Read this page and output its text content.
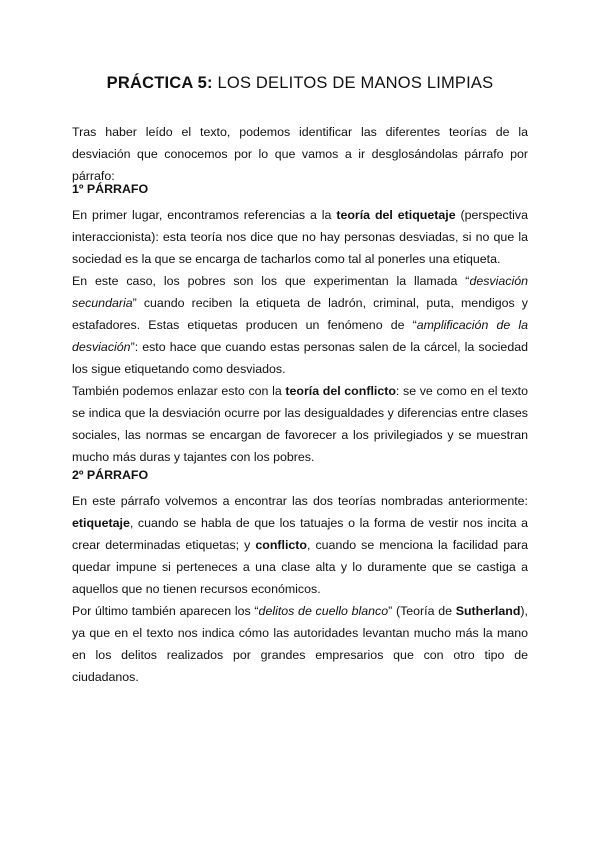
PRÁCTICA 5: LOS DELITOS DE MANOS LIMPIAS

Tras haber leído el texto, podemos identificar las diferentes teorías de la desviación que conocemos por lo que vamos a ir desglosándolas párrafo por párrafo:

1º PÁRRAFO

En primer lugar, encontramos referencias a la teoría del etiquetaje (perspectiva interaccionista): esta teoría nos dice que no hay personas desviadas, si no que la sociedad es la que se encarga de tacharlos como tal al ponerles una etiqueta.

En este caso, los pobres son los que experimentan la llamada “desviación secundaria” cuando reciben la etiqueta de ladrón, criminal, puta, mendigos y estafadores. Estas etiquetas producen un fenómeno de “amplificación de la desviación”: esto hace que cuando estas personas salen de la cárcel, la sociedad los sigue etiquetando como desviados.

También podemos enlazar esto con la teoría del conflicto: se ve como en el texto se indica que la desviación ocurre por las desigualdades y diferencias entre clases sociales, las normas se encargan de favorecer a los privilegiados y se muestran mucho más duras y tajantes con los pobres.

2º PÁRRAFO

En este párrafo volvemos a encontrar las dos teorías nombradas anteriormente: etiquetaje, cuando se habla de que los tatuajes o la forma de vestir nos incita a crear determinadas etiquetas; y conflicto, cuando se menciona la facilidad para quedar impune si perteneces a una clase alta y lo duramente que se castiga a aquellos que no tienen recursos económicos.

Por último también aparecen los “delitos de cuello blanco” (Teoría de Sutherland), ya que en el texto nos indica cómo las autoridades levantan mucho más la mano en los delitos realizados por grandes empresarios que con otro tipo de ciudadanos.
